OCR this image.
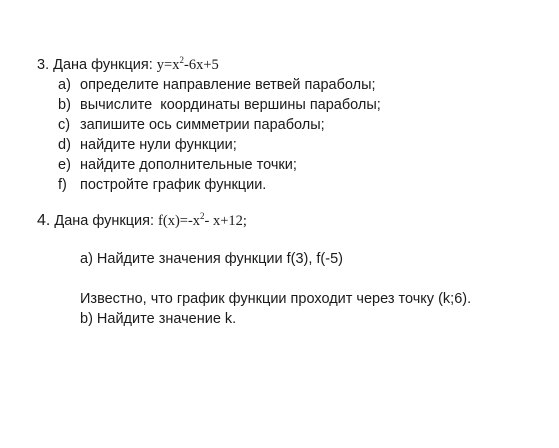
3. Дана функция: $y=x^2-6x+5$
a) определите направление ветвей параболы;
b) вычислите  координаты вершины параболы;
c) запишите ось симметрии параболы;
d) найдите нули функции;
e) найдите дополнительные точки;
f) постройте график функции.
4. Дана функция: $f(x)=-x^2-$ x+12;
a) Найдите значения функции f(3), f(-5)
Известно, что график функции проходит через точку (k;6).
b) Найдите значение k.
